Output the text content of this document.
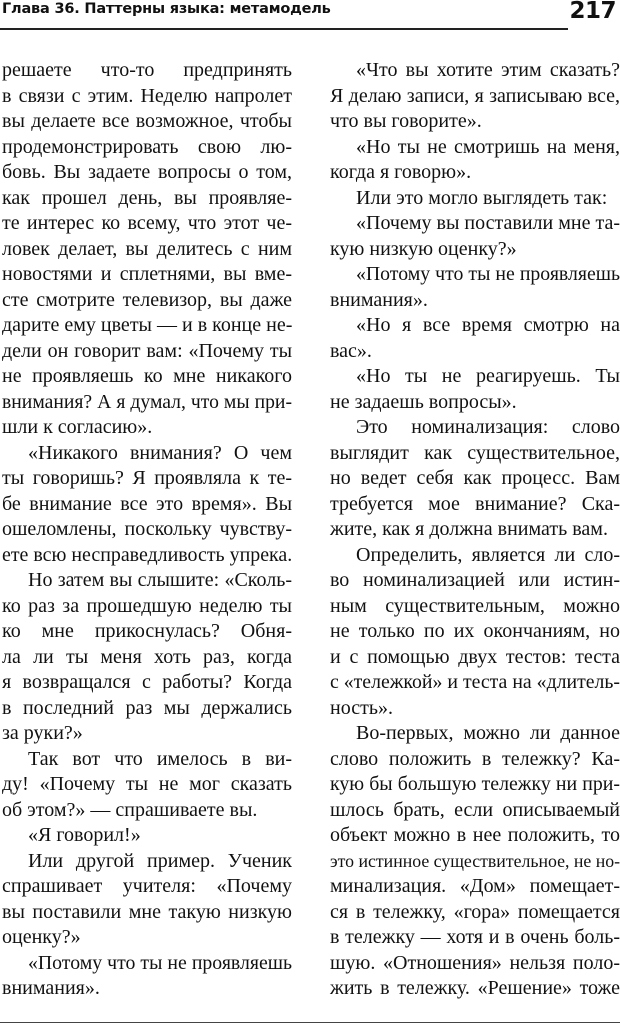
Глава 36. Паттерны языка: метамодель	217
решаете что-то предпринять
в связи с этим. Неделю напролет
вы делаете все возможное, чтобы
продемонстрировать свою лю-
бовь. Вы задаете вопросы о том,
как прошел день, вы проявляе-
те интерес ко всему, что этот че-
ловек делает, вы делитесь с ним
новостями и сплетнями, вы вме-
сте смотрите телевизор, вы даже
дарите ему цветы — и в конце не-
дели он говорит вам: «Почему ты
не проявляешь ко мне никакого
внимания? А я думал, что мы при-
шли к согласию».
«Никакого внимания? О чем
ты говоришь? Я проявляла к те-
бе внимание все это время». Вы
ошеломлены, поскольку чувству-
ете всю несправедливость упрека.
Но затем вы слышите: «Сколь-
ко раз за прошедшую неделю ты
ко мне прикоснулась? Обня-
ла ли ты меня хоть раз, когда
я возвращался с работы? Когда
в последний раз мы держались
за руки?»
Так вот что имелось в ви-
ду! «Почему ты не мог сказать
об этом?» — спрашиваете вы.
«Я говорил!»
Или другой пример. Ученик
спрашивает учителя: «Почему
вы поставили мне такую низкую
оценку?»
«Потому что ты не проявляешь
внимания».
«Что вы хотите этим сказать?
Я делаю записи, я записываю все,
что вы говорите».
«Но ты не смотришь на меня,
когда я говорю».
Или это могло выглядеть так:
«Почему вы поставили мне та-
кую низкую оценку?»
«Потому что ты не проявляешь
внимания».
«Но я все время смотрю на
вас».
«Но ты не реагируешь. Ты
не задаешь вопросы».
Это номинализация: слово
выглядит как существительное,
но ведет себя как процесс. Вам
требуется мое внимание? Ска-
жите, как я должна внимать вам.
Определить, является ли сло-
во номинализацией или истин-
ным существительным, можно
не только по их окончаниям, но
и с помощью двух тестов: теста
с «тележкой» и теста на «длитель-
ность».
Во-первых, можно ли данное
слово положить в тележку? Ка-
кую бы большую тележку ни при-
шлось брать, если описываемый
объект можно в нее положить, то
это истинное существительное, не но-
минализация. «Дом» помещает-
ся в тележку, «гора» помещается
в тележку — хотя и в очень боль-
шую. «Отношения» нельзя поло-
жить в тележку. «Решение» тоже
